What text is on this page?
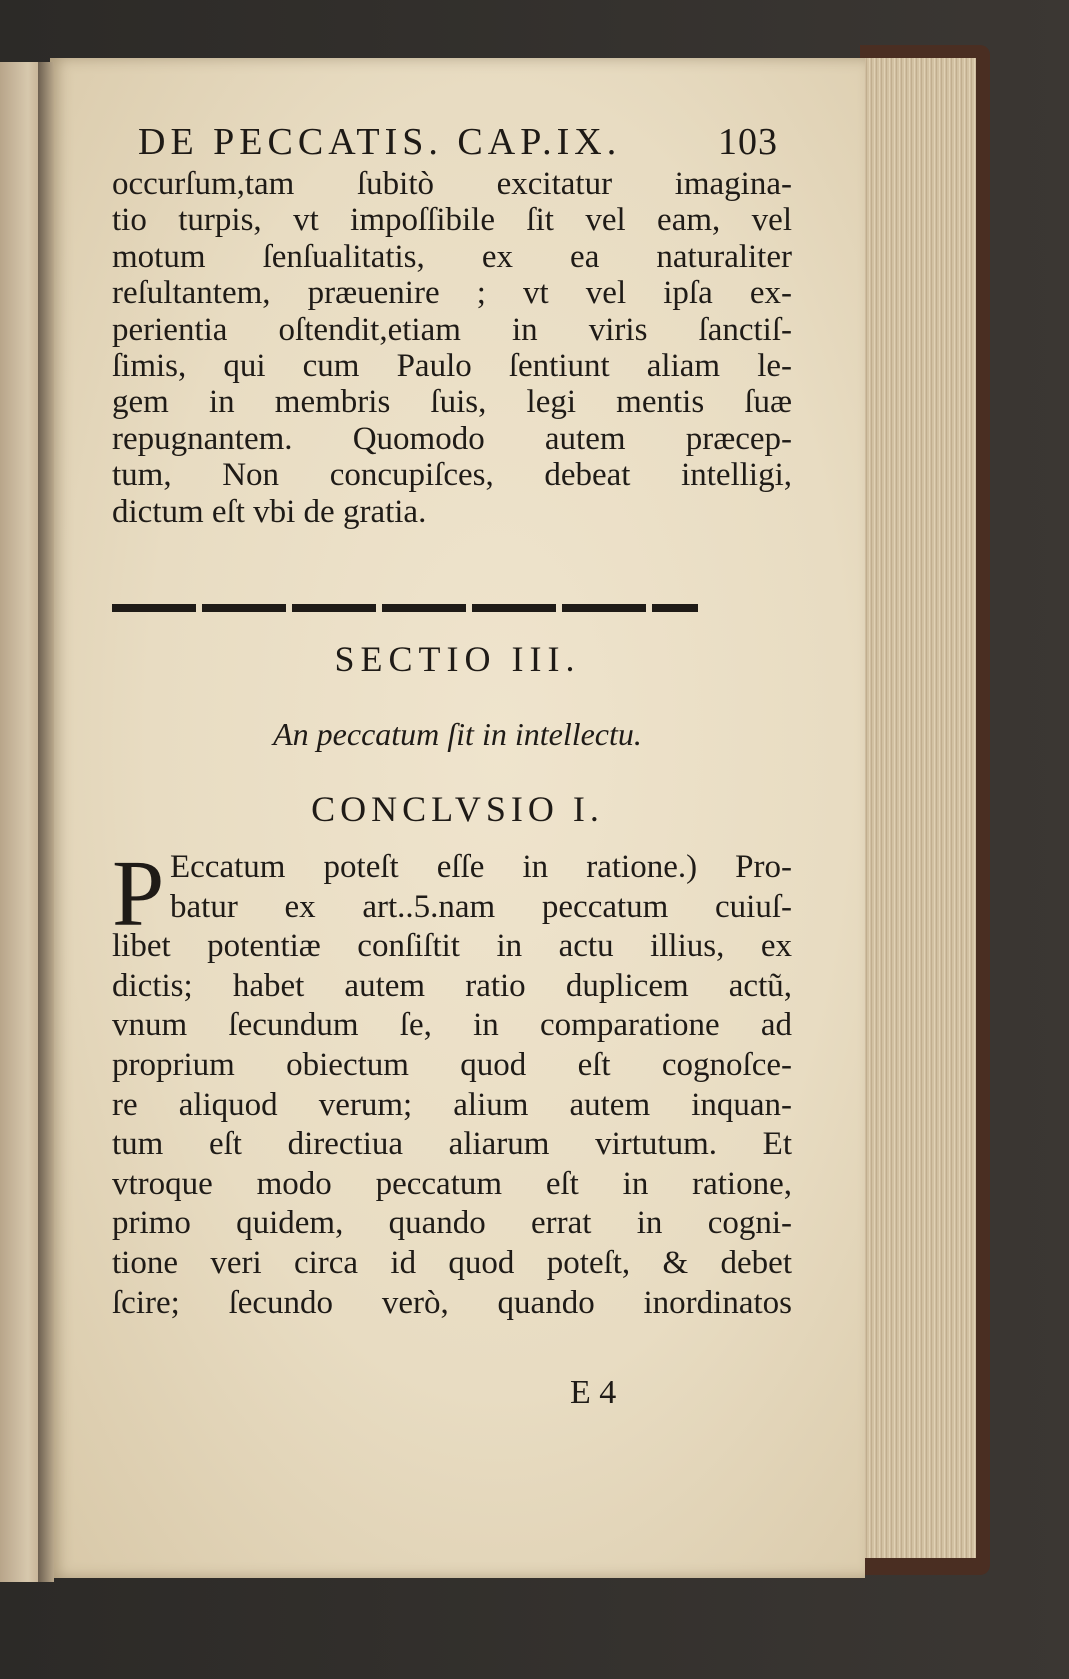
DE PECCATIS. CAP.IX.	103
occurſum,tam ſubitò excitatur imagina-
tio turpis, vt impoſſibile ſit vel eam, vel
motum ſenſualitatis, ex ea naturaliter
reſultantem, præuenire ; vt vel ipſa ex-
perientia oſtendit,etiam in viris ſanctiſ-
ſimis, qui cum Paulo ſentiunt aliam le-
gem in membris ſuis, legi mentis ſuæ
repugnantem. Quomodo autem præcep-
tum, Non concupiſces, debeat intelligi,
dictum eſt vbi de gratia.
SECTIO III.
An peccatum ſit in intellectu.
CONCLVSIO I.
P Eccatum poteſt eſſe in ratione.) Pro-
batur ex art..5.nam peccatum cuiuſ-
libet potentiæ conſiſtit in actu illius, ex
dictis; habet autem ratio duplicem actũ,
vnum ſecundum ſe, in comparatione ad
proprium obiectum quod eſt cognoſce-
re aliquod verum; alium autem inquan-
tum eſt directiua aliarum virtutum. Et
vtroque modo peccatum eſt in ratione,
primo quidem, quando errat in cogni-
tione veri circa id quod poteſt, & debet
ſcire; ſecundo verò, quando inordinatos
E 4
